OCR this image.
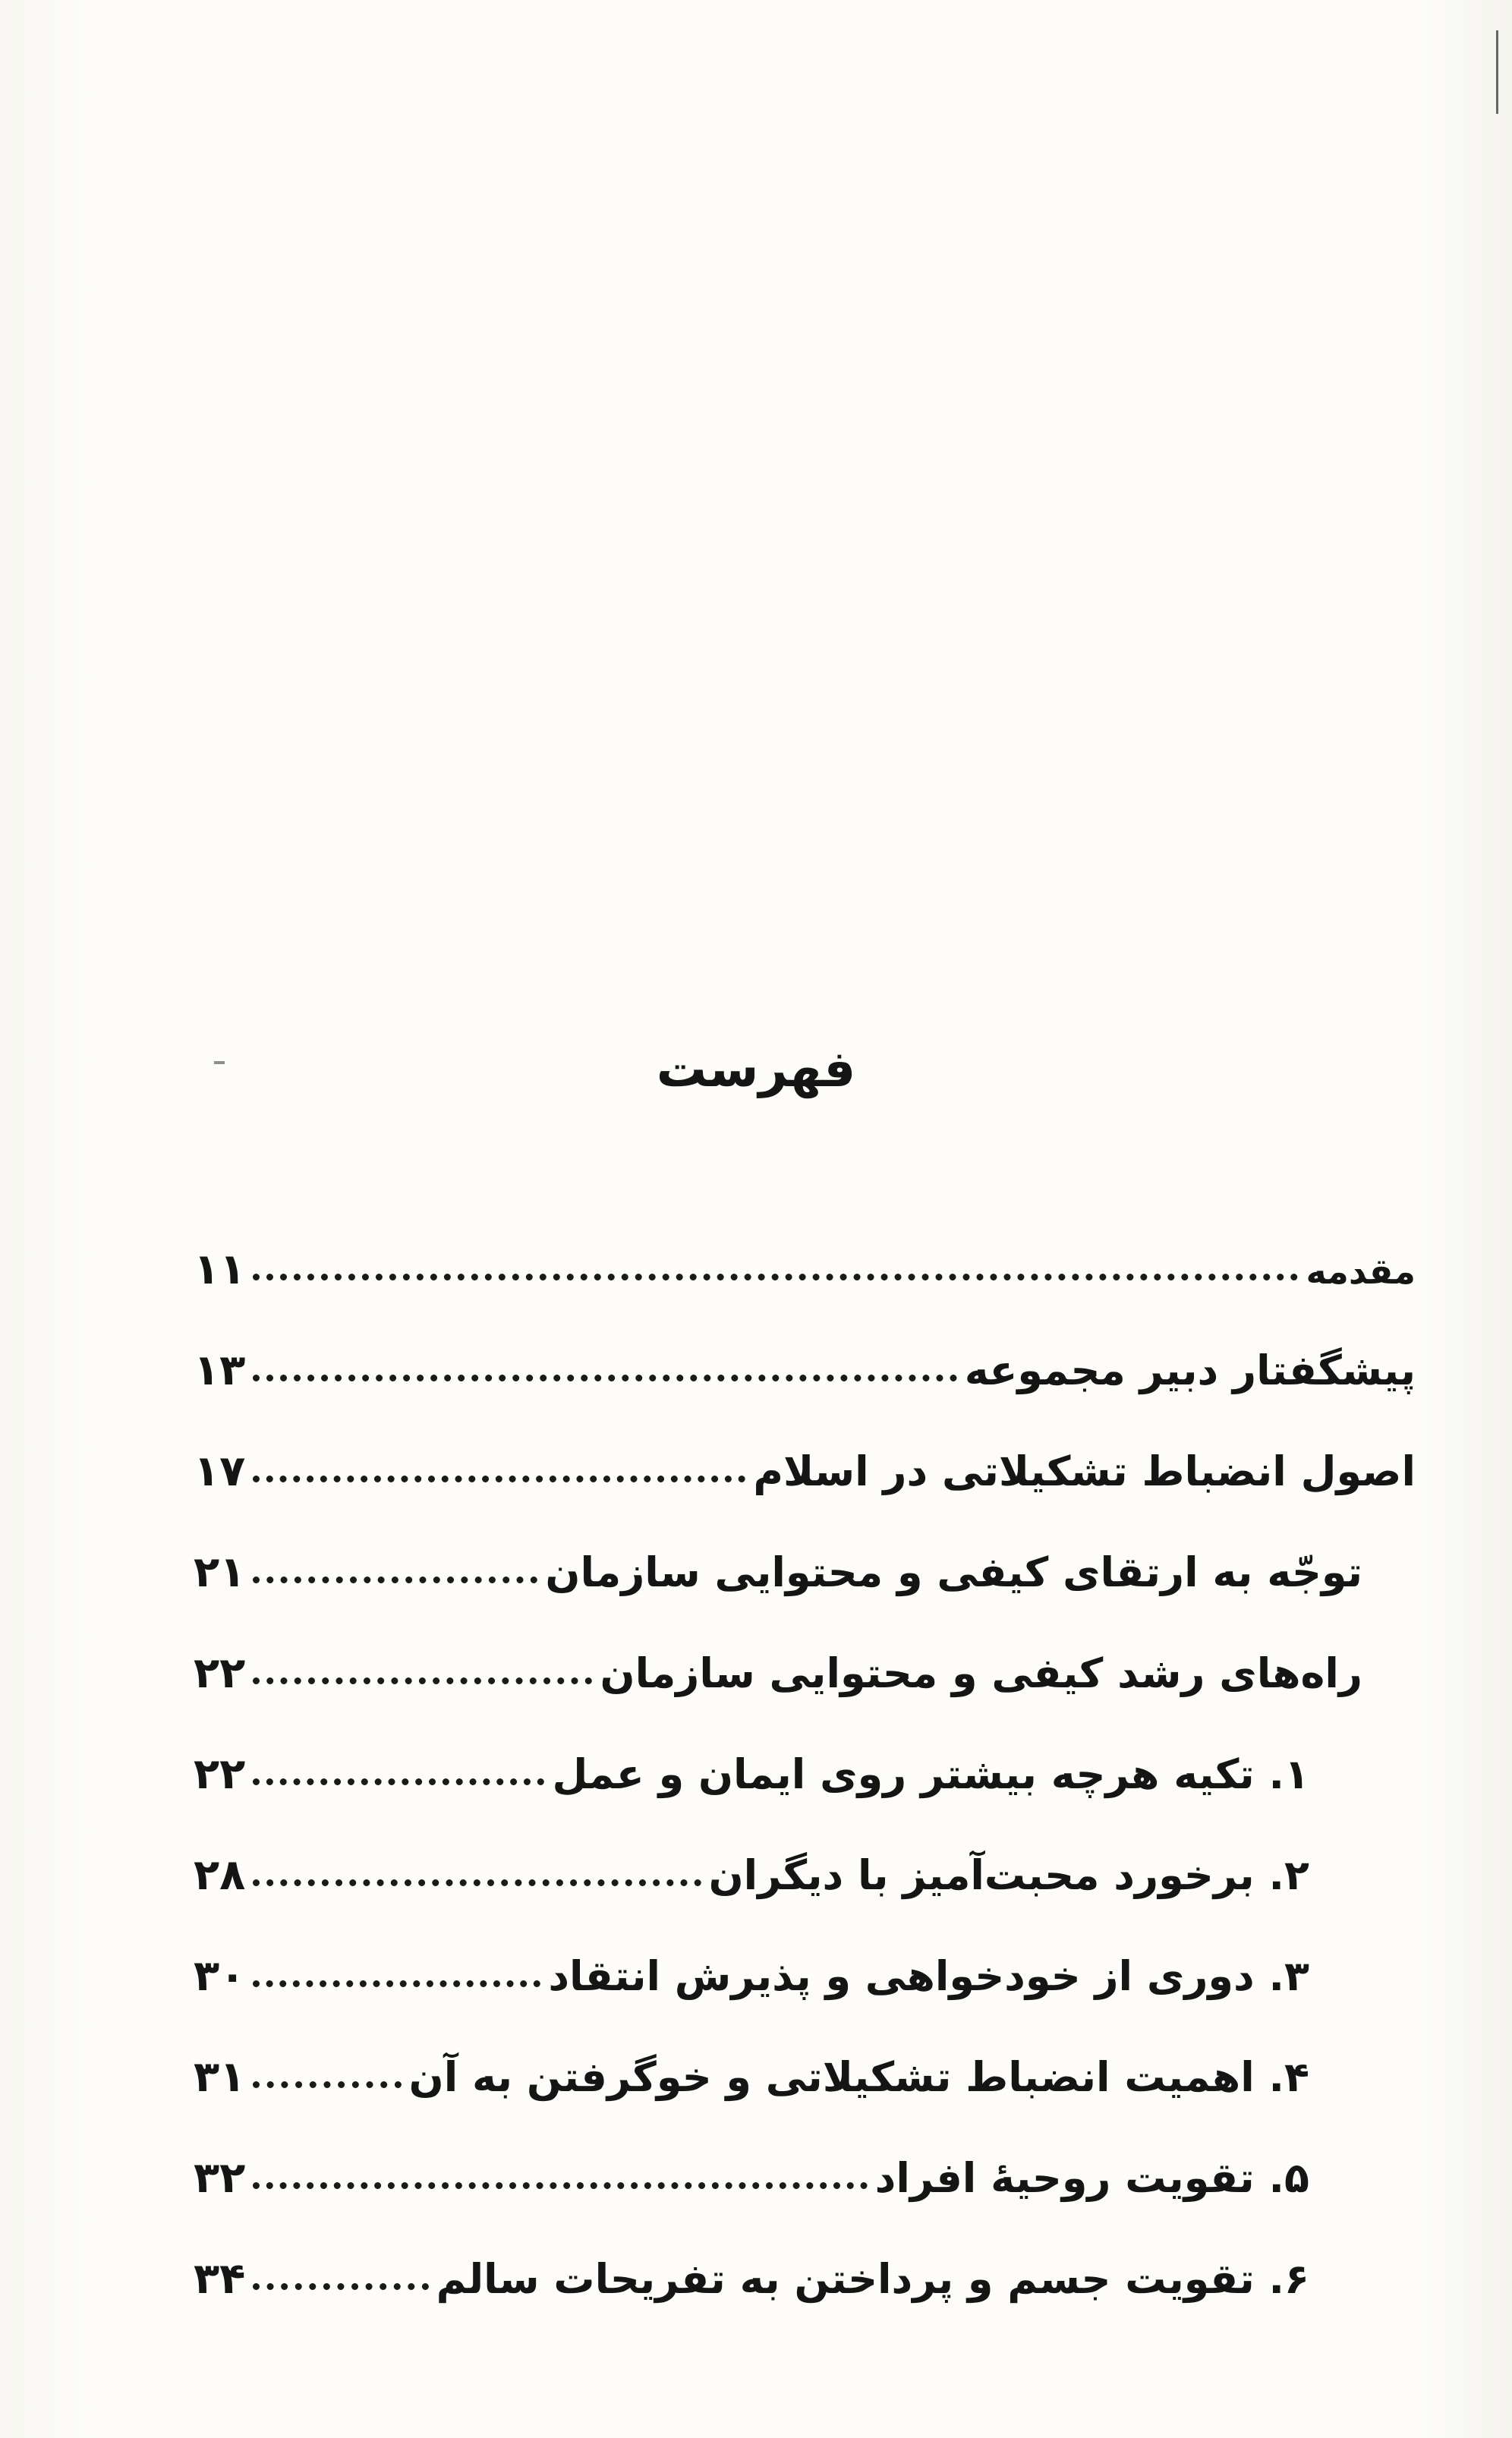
فهرست
مقدمه
۱۱
پیشگفتار دبیر مجموعه
۱۳
اصول انضباط تشکیلاتی در اسلام
۱۷
توجّه به ارتقای کیفی و محتوایی سازمان
۲۱
راه‌های رشد کیفی و محتوایی سازمان
۲۲
۱. تکیه هرچه بیشتر روی ایمان و عمل
۲۲
۲. برخورد محبت‌آمیز با دیگران
۲۸
۳. دوری از خودخواهی و پذیرش انتقاد
۳۰
۴. اهمیت انضباط تشکیلاتی و خوگرفتن به آن
۳۱
۵. تقویت روحیۀ افراد
۳۲
۶. تقویت جسم و پرداختن به تفریحات سالم
۳۴
